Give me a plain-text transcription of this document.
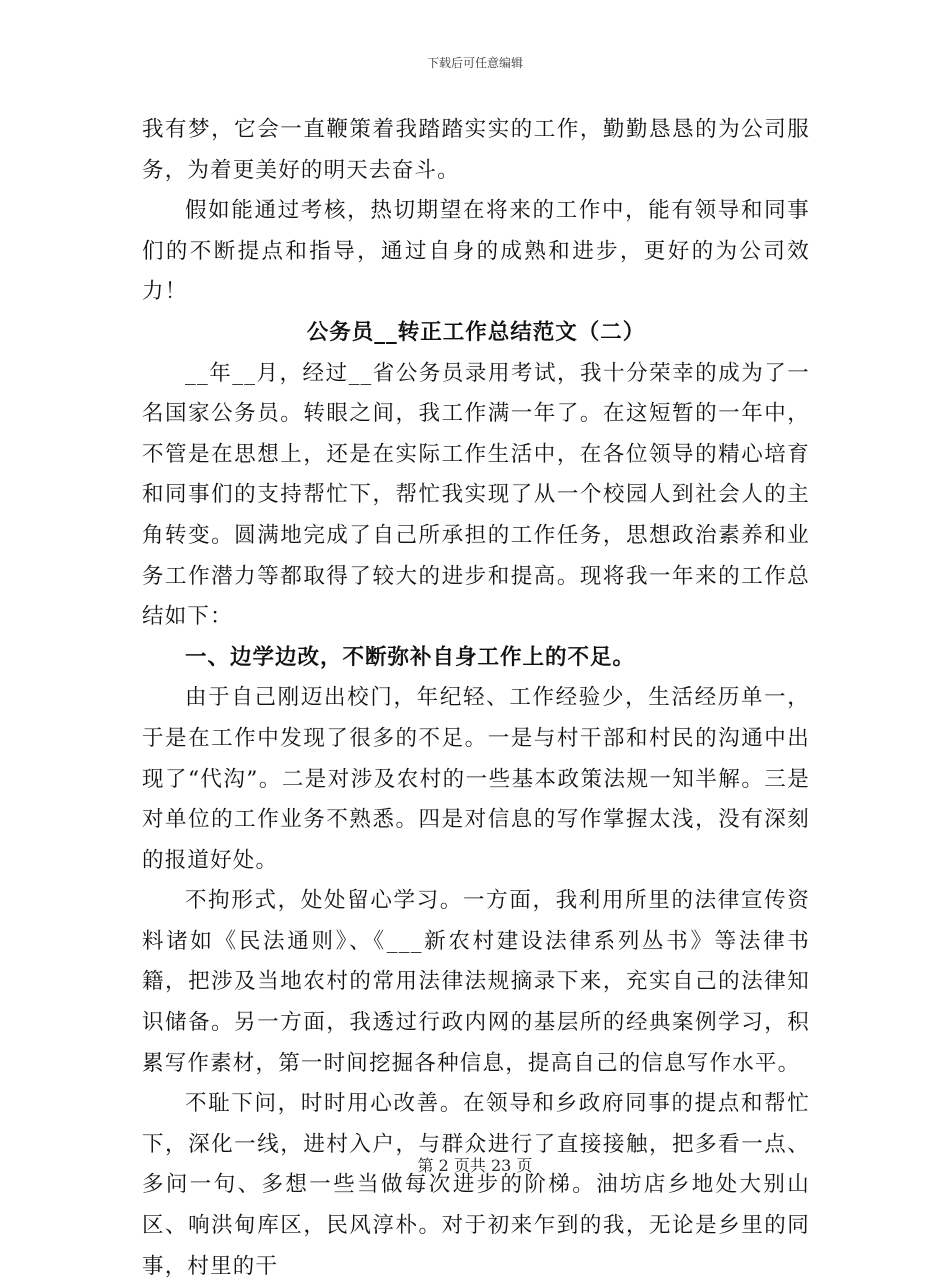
下载后可任意编辑

我有梦，它会一直鞭策着我踏踏实实的工作，勤勤恳恳的为公司服务，为着更美好的明天去奋斗。

假如能通过考核，热切期望在将来的工作中，能有领导和同事们的不断提点和指导，通过自身的成熟和进步，更好的为公司效力！

公务员__转正工作总结范文（二）

__年__月，经过__省公务员录用考试，我十分荣幸的成为了一名国家公务员。转眼之间，我工作满一年了。在这短暂的一年中，不管是在思想上，还是在实际工作生活中，在各位领导的精心培育和同事们的支持帮忙下，帮忙我实现了从一个校园人到社会人的主角转变。圆满地完成了自己所承担的工作任务，思想政治素养和业务工作潜力等都取得了较大的进步和提高。现将我一年来的工作总结如下：

一、边学边改，不断弥补自身工作上的不足。

由于自己刚迈出校门，年纪轻、工作经验少，生活经历单一，于是在工作中发现了很多的不足。一是与村干部和村民的沟通中出现了“代沟”。二是对涉及农村的一些基本政策法规一知半解。三是对单位的工作业务不熟悉。四是对信息的写作掌握太浅，没有深刻的报道好处。

不拘形式，处处留心学习。一方面，我利用所里的法律宣传资料诸如《民法通则》、《___新农村建设法律系列丛书》等法律书籍，把涉及当地农村的常用法律法规摘录下来，充实自己的法律知识储备。另一方面，我透过行政内网的基层所的经典案例学习，积累写作素材，第一时间挖掘各种信息，提高自己的信息写作水平。

不耻下问，时时用心改善。在领导和乡政府同事的提点和帮忙下，深化一线，进村入户，与群众进行了直接接触，把多看一点、多问一句、多想一些当做每次进步的阶梯。油坊店乡地处大别山区、响洪甸库区，民风淳朴。对于初来乍到的我，无论是乡里的同事，村里的干

第 2 页共 23 页
